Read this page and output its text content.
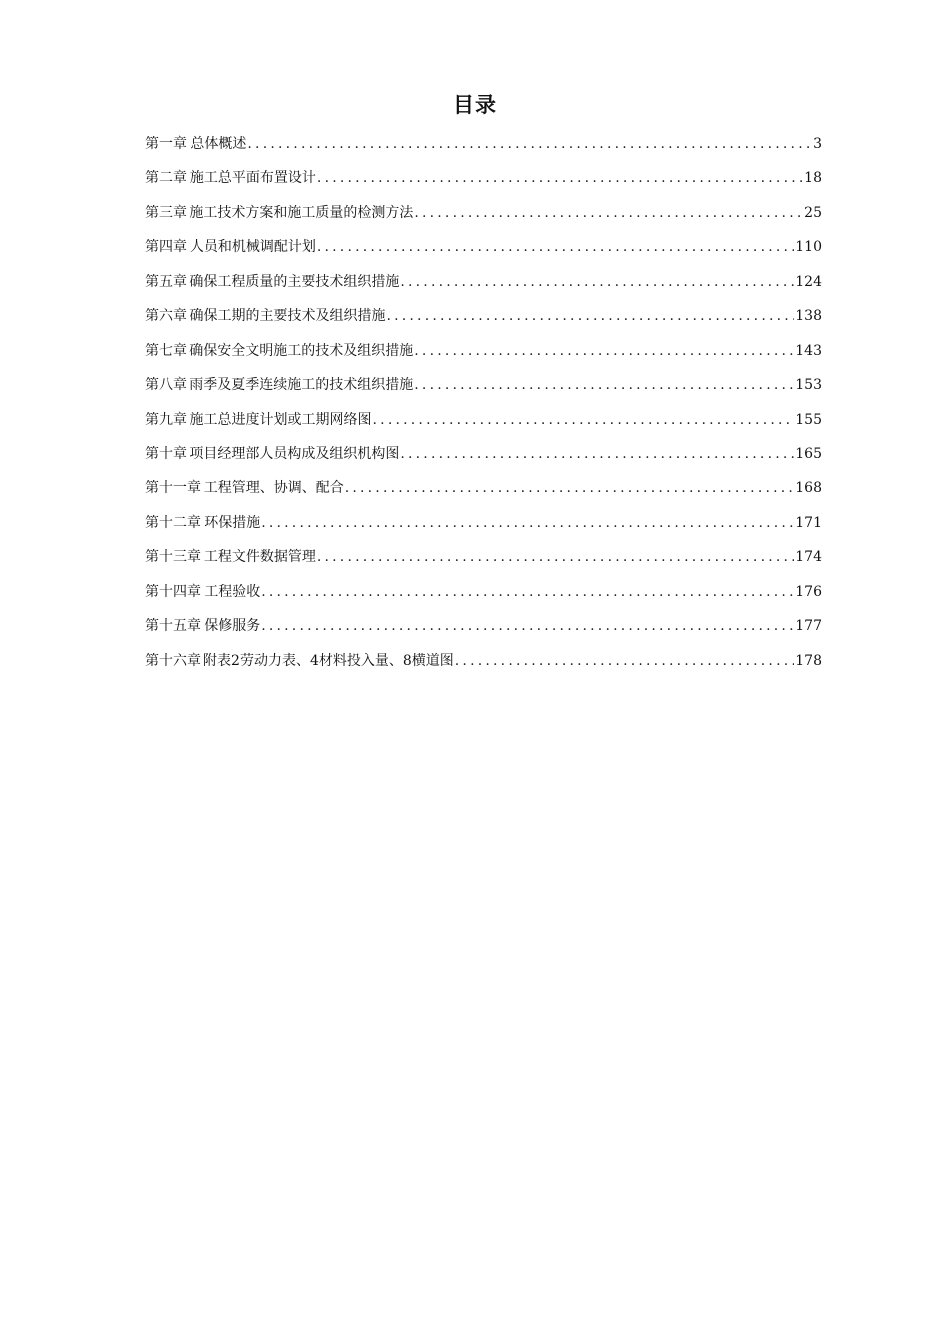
目录
第一章 总体概述 .....	3
第二章 施工总平面布置设计 .....	18
第三章 施工技术方案和施工质量的检测方法 .....	25
第四章 人员和机械调配计划 .....	110
第五章 确保工程质量的主要技术组织措施 .....	124
第六章 确保工期的主要技术及组织措施 .....	138
第七章 确保安全文明施工的技术及组织措施 .....	143
第八章 雨季及夏季连续施工的技术组织措施 .....	153
第九章 施工总进度计划或工期网络图 .....	155
第十章 项目经理部人员构成及组织机构图 .....	165
第十一章 工程管理、协调、配合 .....	168
第十二章 环保措施 .....	171
第十三章 工程文件数据管理 .....	174
第十四章 工程验收 .....	176
第十五章 保修服务 .....	177
第十六章 附表2劳动力表、4材料投入量、8横道图 .....	178
